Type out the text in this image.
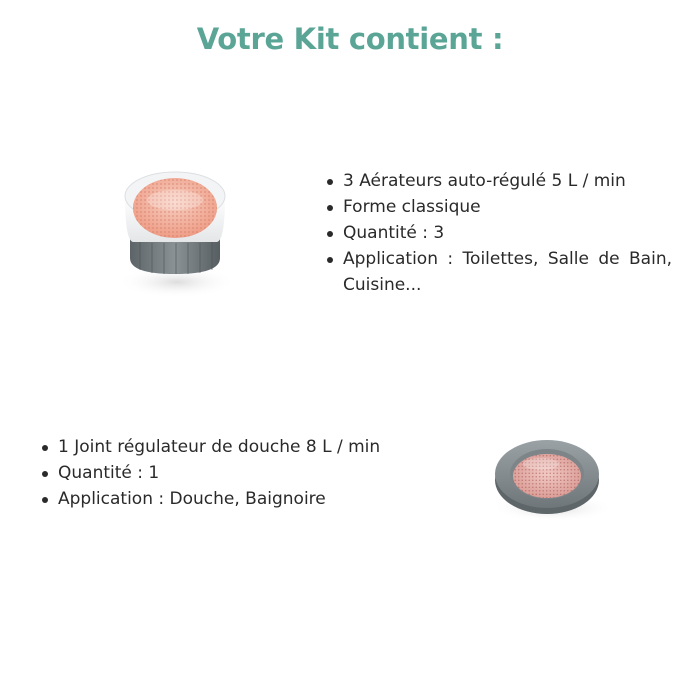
Votre Kit contient :
3 Aérateurs auto-régulé 5 L / min
Forme classique
Quantité : 3
Application : Toilettes, Salle de Bain, Cuisine...
1 Joint régulateur de douche 8 L / min
Quantité : 1
Application : Douche, Baignoire
